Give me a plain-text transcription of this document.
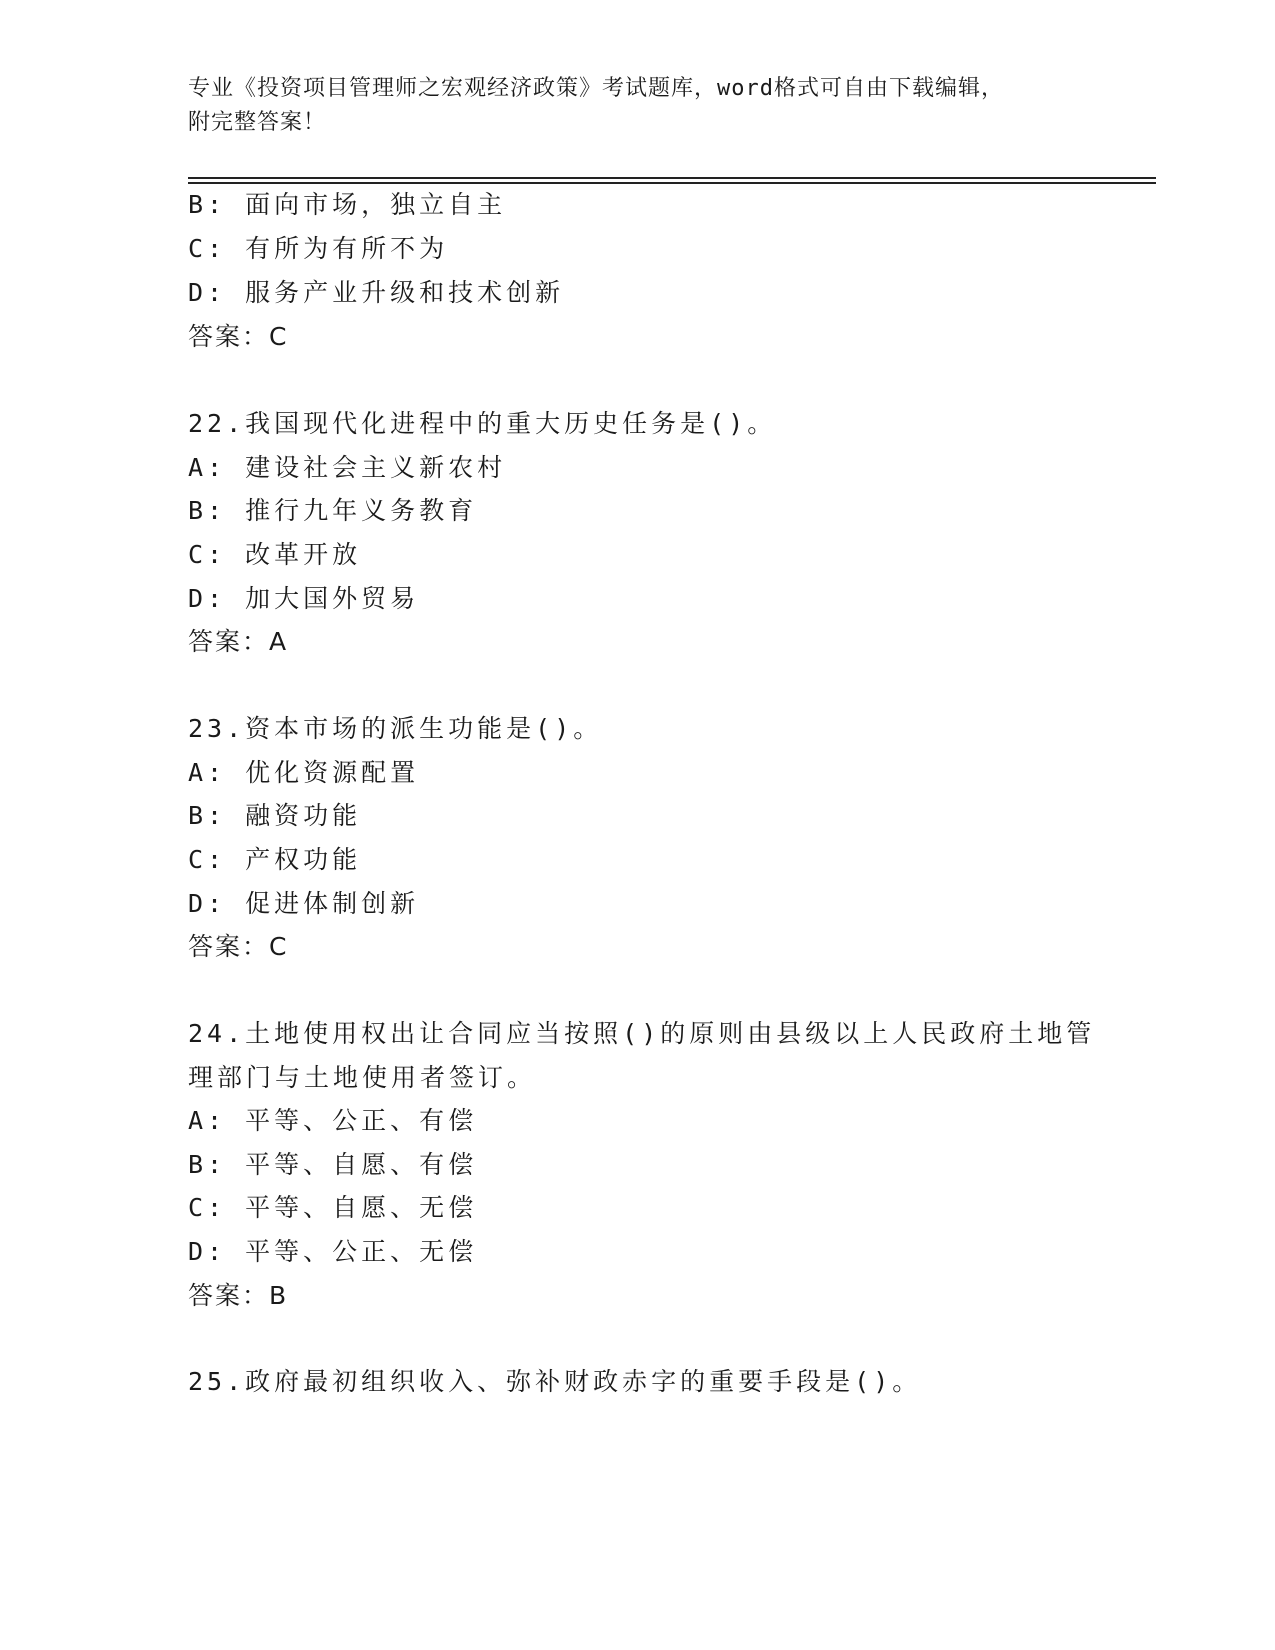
专业《投资项目管理师之宏观经济政策》考试题库，word格式可自由下载编辑，
附完整答案！
B: 面向市场，独立自主
C: 有所为有所不为
D: 服务产业升级和技术创新
答案：C
22.我国现代化进程中的重大历史任务是()。
A: 建设社会主义新农村
B: 推行九年义务教育
C: 改革开放
D: 加大国外贸易
答案：A
23.资本市场的派生功能是()。
A: 优化资源配置
B: 融资功能
C: 产权功能
D: 促进体制创新
答案：C
24.土地使用权出让合同应当按照()的原则由县级以上人民政府土地管
理部门与土地使用者签订。
A: 平等、公正、有偿
B: 平等、自愿、有偿
C: 平等、自愿、无偿
D: 平等、公正、无偿
答案：B
25.政府最初组织收入、弥补财政赤字的重要手段是()。
